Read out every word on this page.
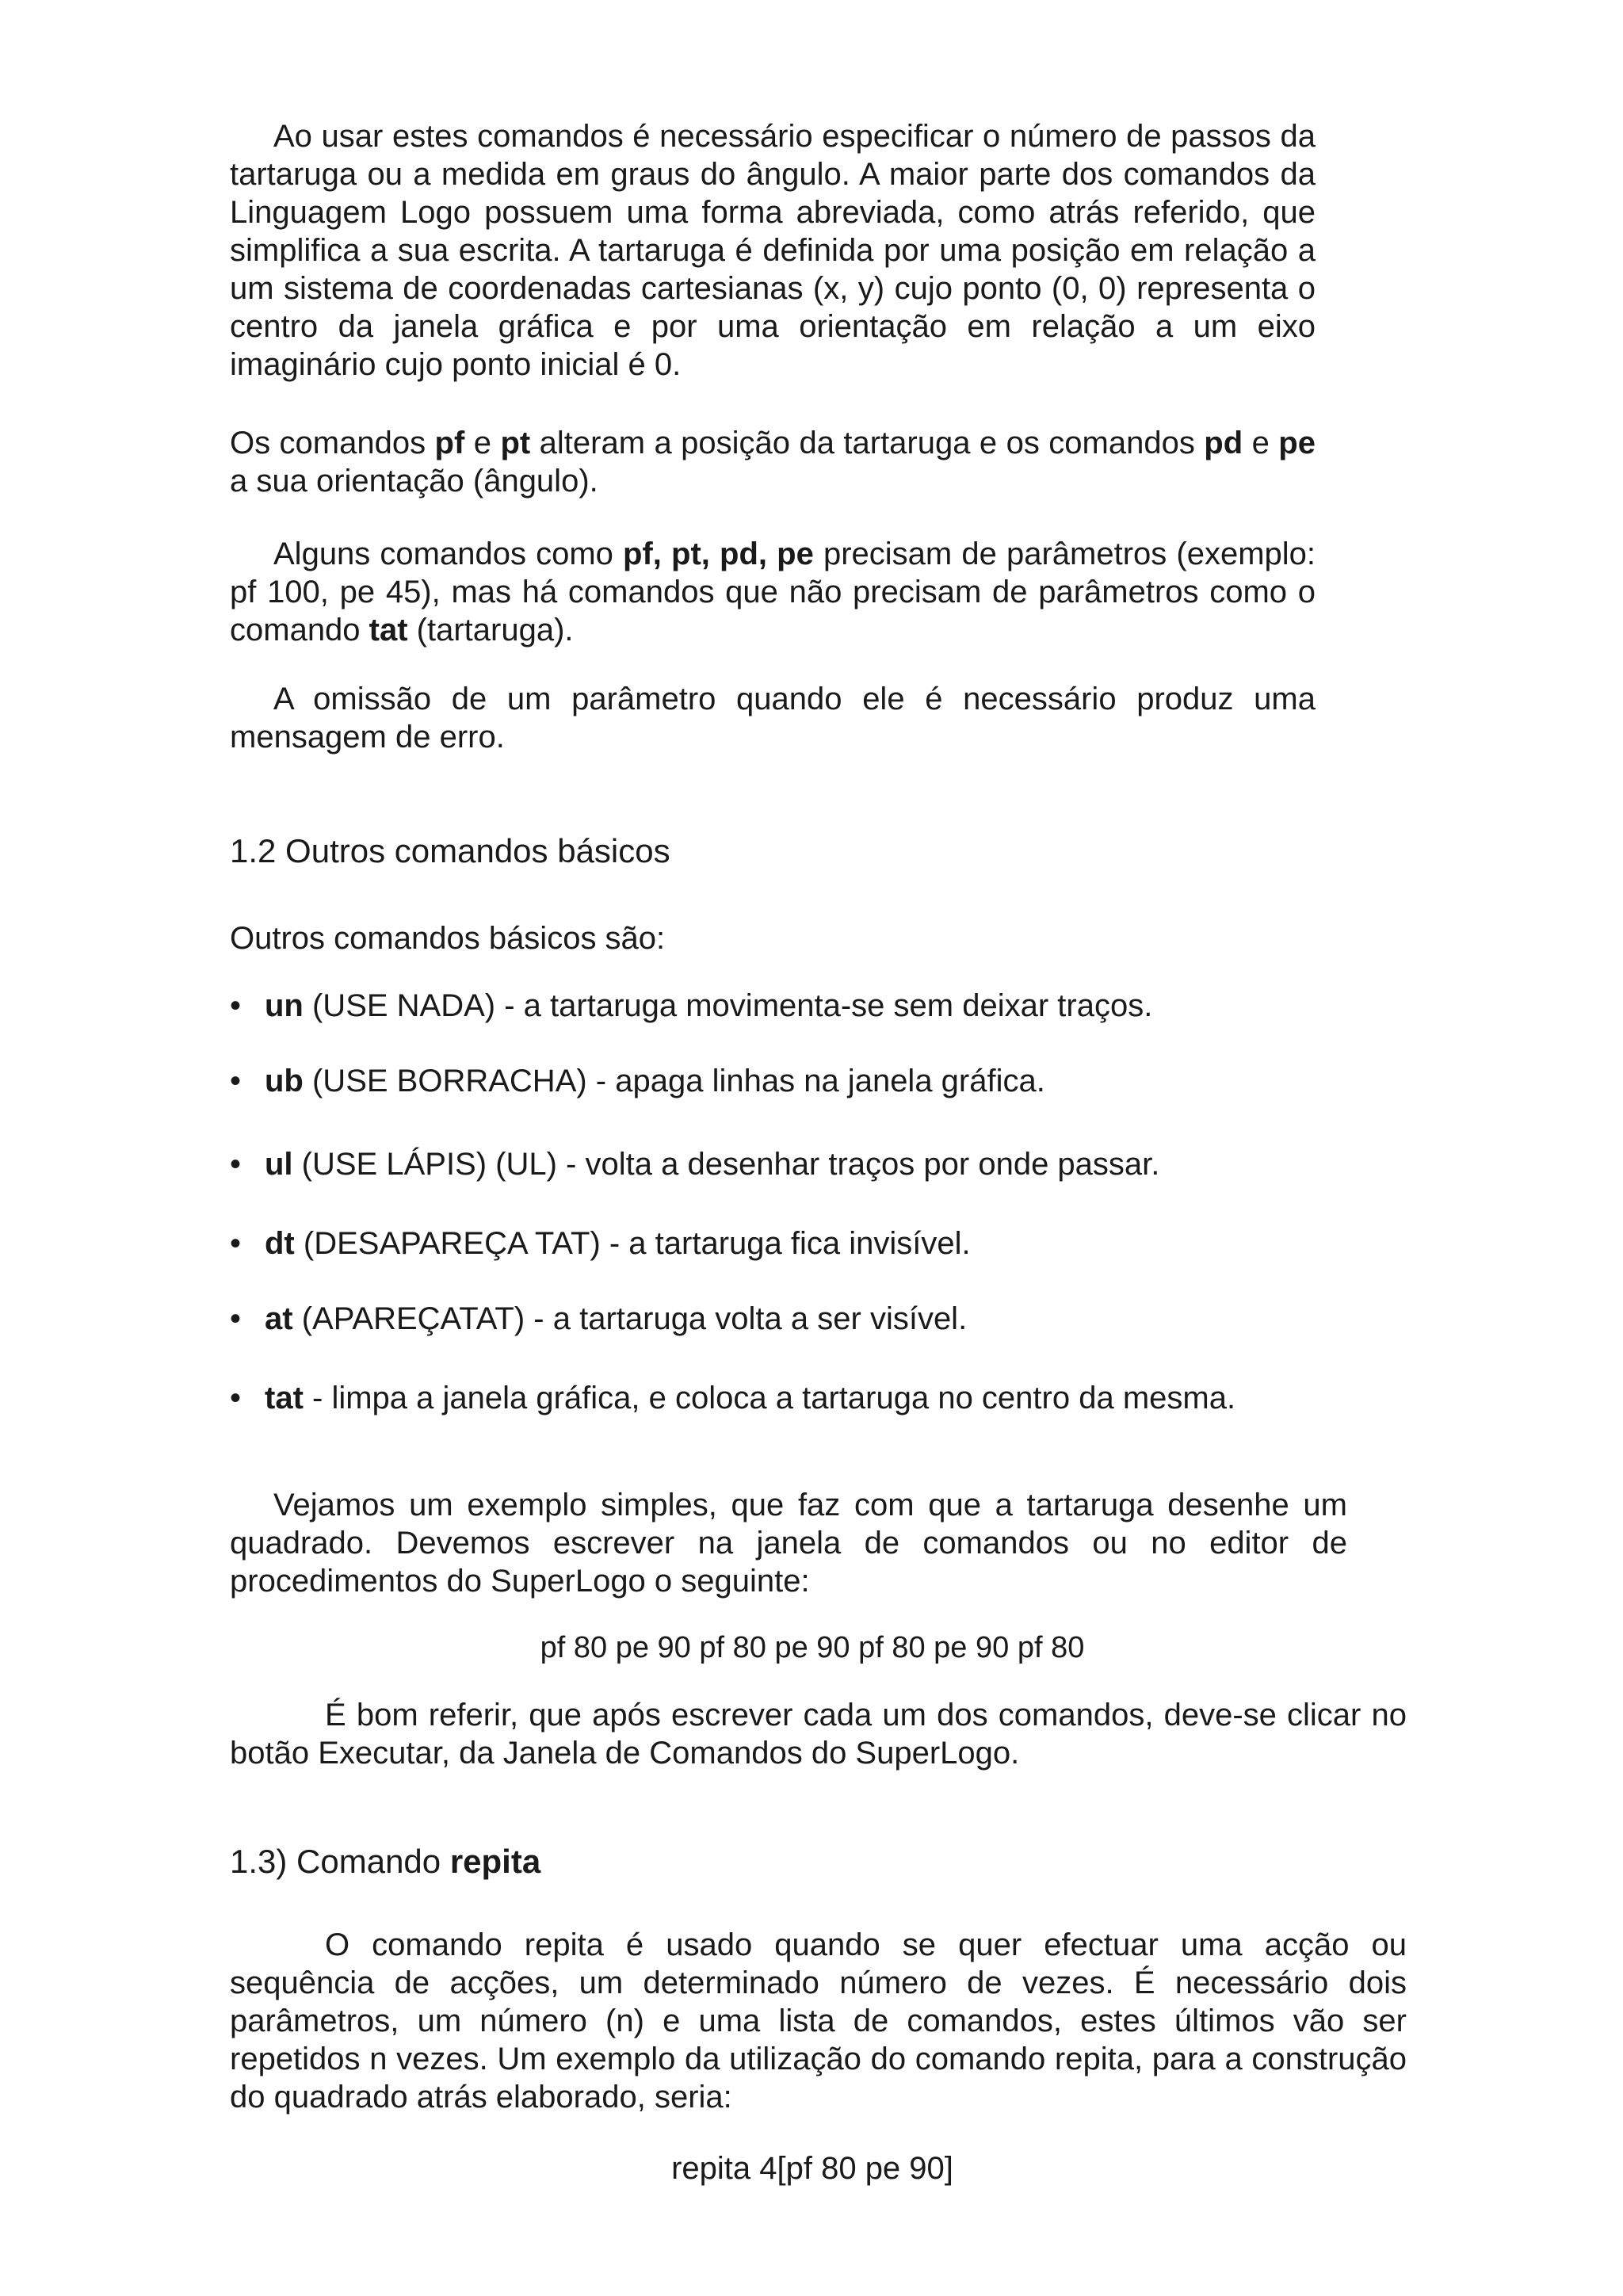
Ao usar estes comandos é necessário especificar o número de passos da tartaruga ou a medida em graus do ângulo. A maior parte dos comandos da Linguagem Logo possuem uma forma abreviada, como atrás referido, que simplifica a sua escrita. A tartaruga é definida por uma posição em relação a um sistema de coordenadas cartesianas (x, y) cujo ponto (0, 0) representa o centro da janela gráfica e por uma orientação em relação a um eixo imaginário cujo ponto inicial é 0.

Os comandos pf e pt alteram a posição da tartaruga e os comandos pd e pe a sua orientação (ângulo).

Alguns comandos como pf, pt, pd, pe precisam de parâmetros (exemplo: pf 100, pe 45), mas há comandos que não precisam de parâmetros como o comando tat (tartaruga).

A omissão de um parâmetro quando ele é necessário produz uma mensagem de erro.

1.2 Outros comandos básicos

Outros comandos básicos são:

• un (USE NADA) - a tartaruga movimenta-se sem deixar traços.
• ub (USE BORRACHA) - apaga linhas na janela gráfica.
• ul (USE LÁPIS) (UL) - volta a desenhar traços por onde passar.
• dt (DESAPAREÇA TAT) - a tartaruga fica invisível.
• at (APAREÇATAT) - a tartaruga volta a ser visível.
• tat - limpa a janela gráfica, e coloca a tartaruga no centro da mesma.

Vejamos um exemplo simples, que faz com que a tartaruga desenhe um quadrado. Devemos escrever na janela de comandos ou no editor de procedimentos do SuperLogo o seguinte:

pf 80 pe 90 pf 80 pe 90 pf 80 pe 90 pf 80

É bom referir, que após escrever cada um dos comandos, deve-se clicar no botão Executar, da Janela de Comandos do SuperLogo.

1.3) Comando repita

O comando repita é usado quando se quer efectuar uma acção ou sequência de acções, um determinado número de vezes. É necessário dois parâmetros, um número (n) e uma lista de comandos, estes últimos vão ser repetidos n vezes. Um exemplo da utilização do comando repita, para a construção do quadrado atrás elaborado, seria:

repita 4[pf 80 pe 90]
